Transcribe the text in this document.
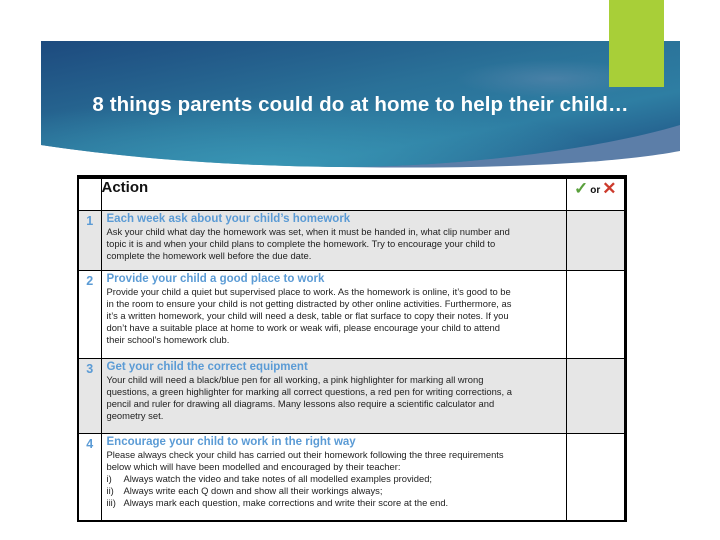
8 things parents could do at home to help their child…
	Action	✓ or ✕
1	Each week ask about your child’s homework
Ask your child what day the homework was set, when it must be handed in, what clip number and
topic it is and when your child plans to complete the homework. Try to encourage your child to
complete the homework well before the due date.	

2	Provide your child a good place to work
Provide your child a quiet but supervised place to work. As the homework is online, it’s good to be
in the room to ensure your child is not getting distracted by other online activities. Furthermore, as
it’s a written homework, your child will need a desk, table or flat surface to copy their notes. If you
don’t have a suitable place at home to work or weak wifi, please encourage your child to attend
their school’s homework club.

3	Get your child the correct equipment
Your child will need a black/blue pen for all working, a pink highlighter for marking all wrong
questions, a green highlighter for marking all correct questions, a red pen for writing corrections, a
pencil and ruler for drawing all diagrams. Many lessons also require a scientific calculator and
geometry set.	

4	Encourage your child to work in the right way
Please always check your child has carried out their homework following the three requirements
below which will have been modelled and encouraged by their teacher:
i) Always watch the video and take notes of all modelled examples provided;
ii) Always write each Q down and show all their workings always;
iii) Always mark each question, make corrections and write their score at the end.
